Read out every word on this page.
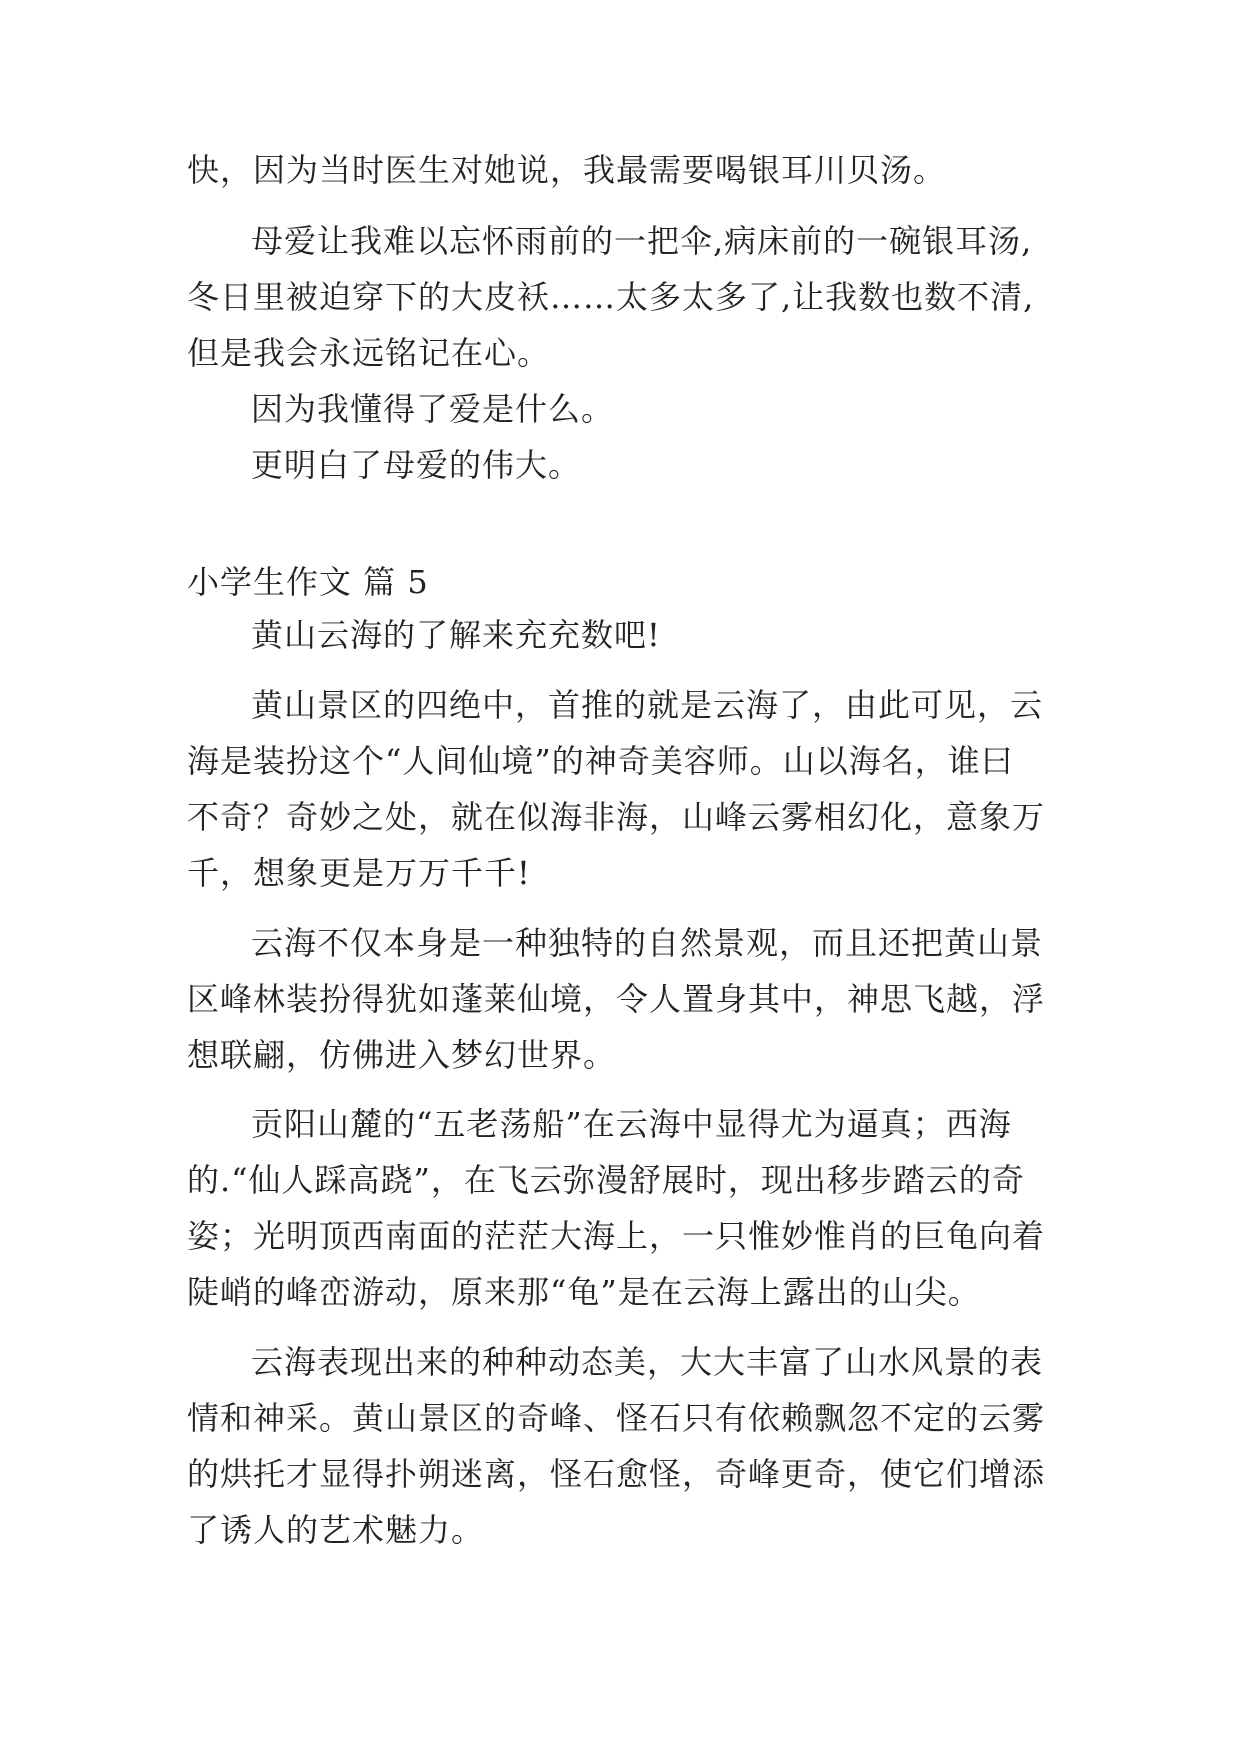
快，因为当时医生对她说，我最需要喝银耳川贝汤。
母爱让我难以忘怀雨前的一把伞,病床前的一碗银耳汤,
冬日里被迫穿下的大皮袄……太多太多了,让我数也数不清,
但是我会永远铭记在心。
因为我懂得了爱是什么。
更明白了母爱的伟大。
小学生作文 篇 5
黄山云海的了解来充充数吧!
黄山景区的四绝中，首推的就是云海了，由此可见，云
海是装扮这个“人间仙境”的神奇美容师。山以海名，谁曰
不奇？奇妙之处，就在似海非海，山峰云雾相幻化，意象万
千，想象更是万万千千!
云海不仅本身是一种独特的自然景观，而且还把黄山景
区峰林装扮得犹如蓬莱仙境，令人置身其中，神思飞越，浮
想联翩，仿佛进入梦幻世界。
贡阳山麓的“五老荡船”在云海中显得尤为逼真；西海
的.“仙人踩高跷”，在飞云弥漫舒展时，现出移步踏云的奇
姿；光明顶西南面的茫茫大海上，一只惟妙惟肖的巨龟向着
陡峭的峰峦游动，原来那“龟”是在云海上露出的山尖。
云海表现出来的种种动态美，大大丰富了山水风景的表
情和神采。黄山景区的奇峰、怪石只有依赖飘忽不定的云雾
的烘托才显得扑朔迷离，怪石愈怪，奇峰更奇，使它们增添
了诱人的艺术魅力。
